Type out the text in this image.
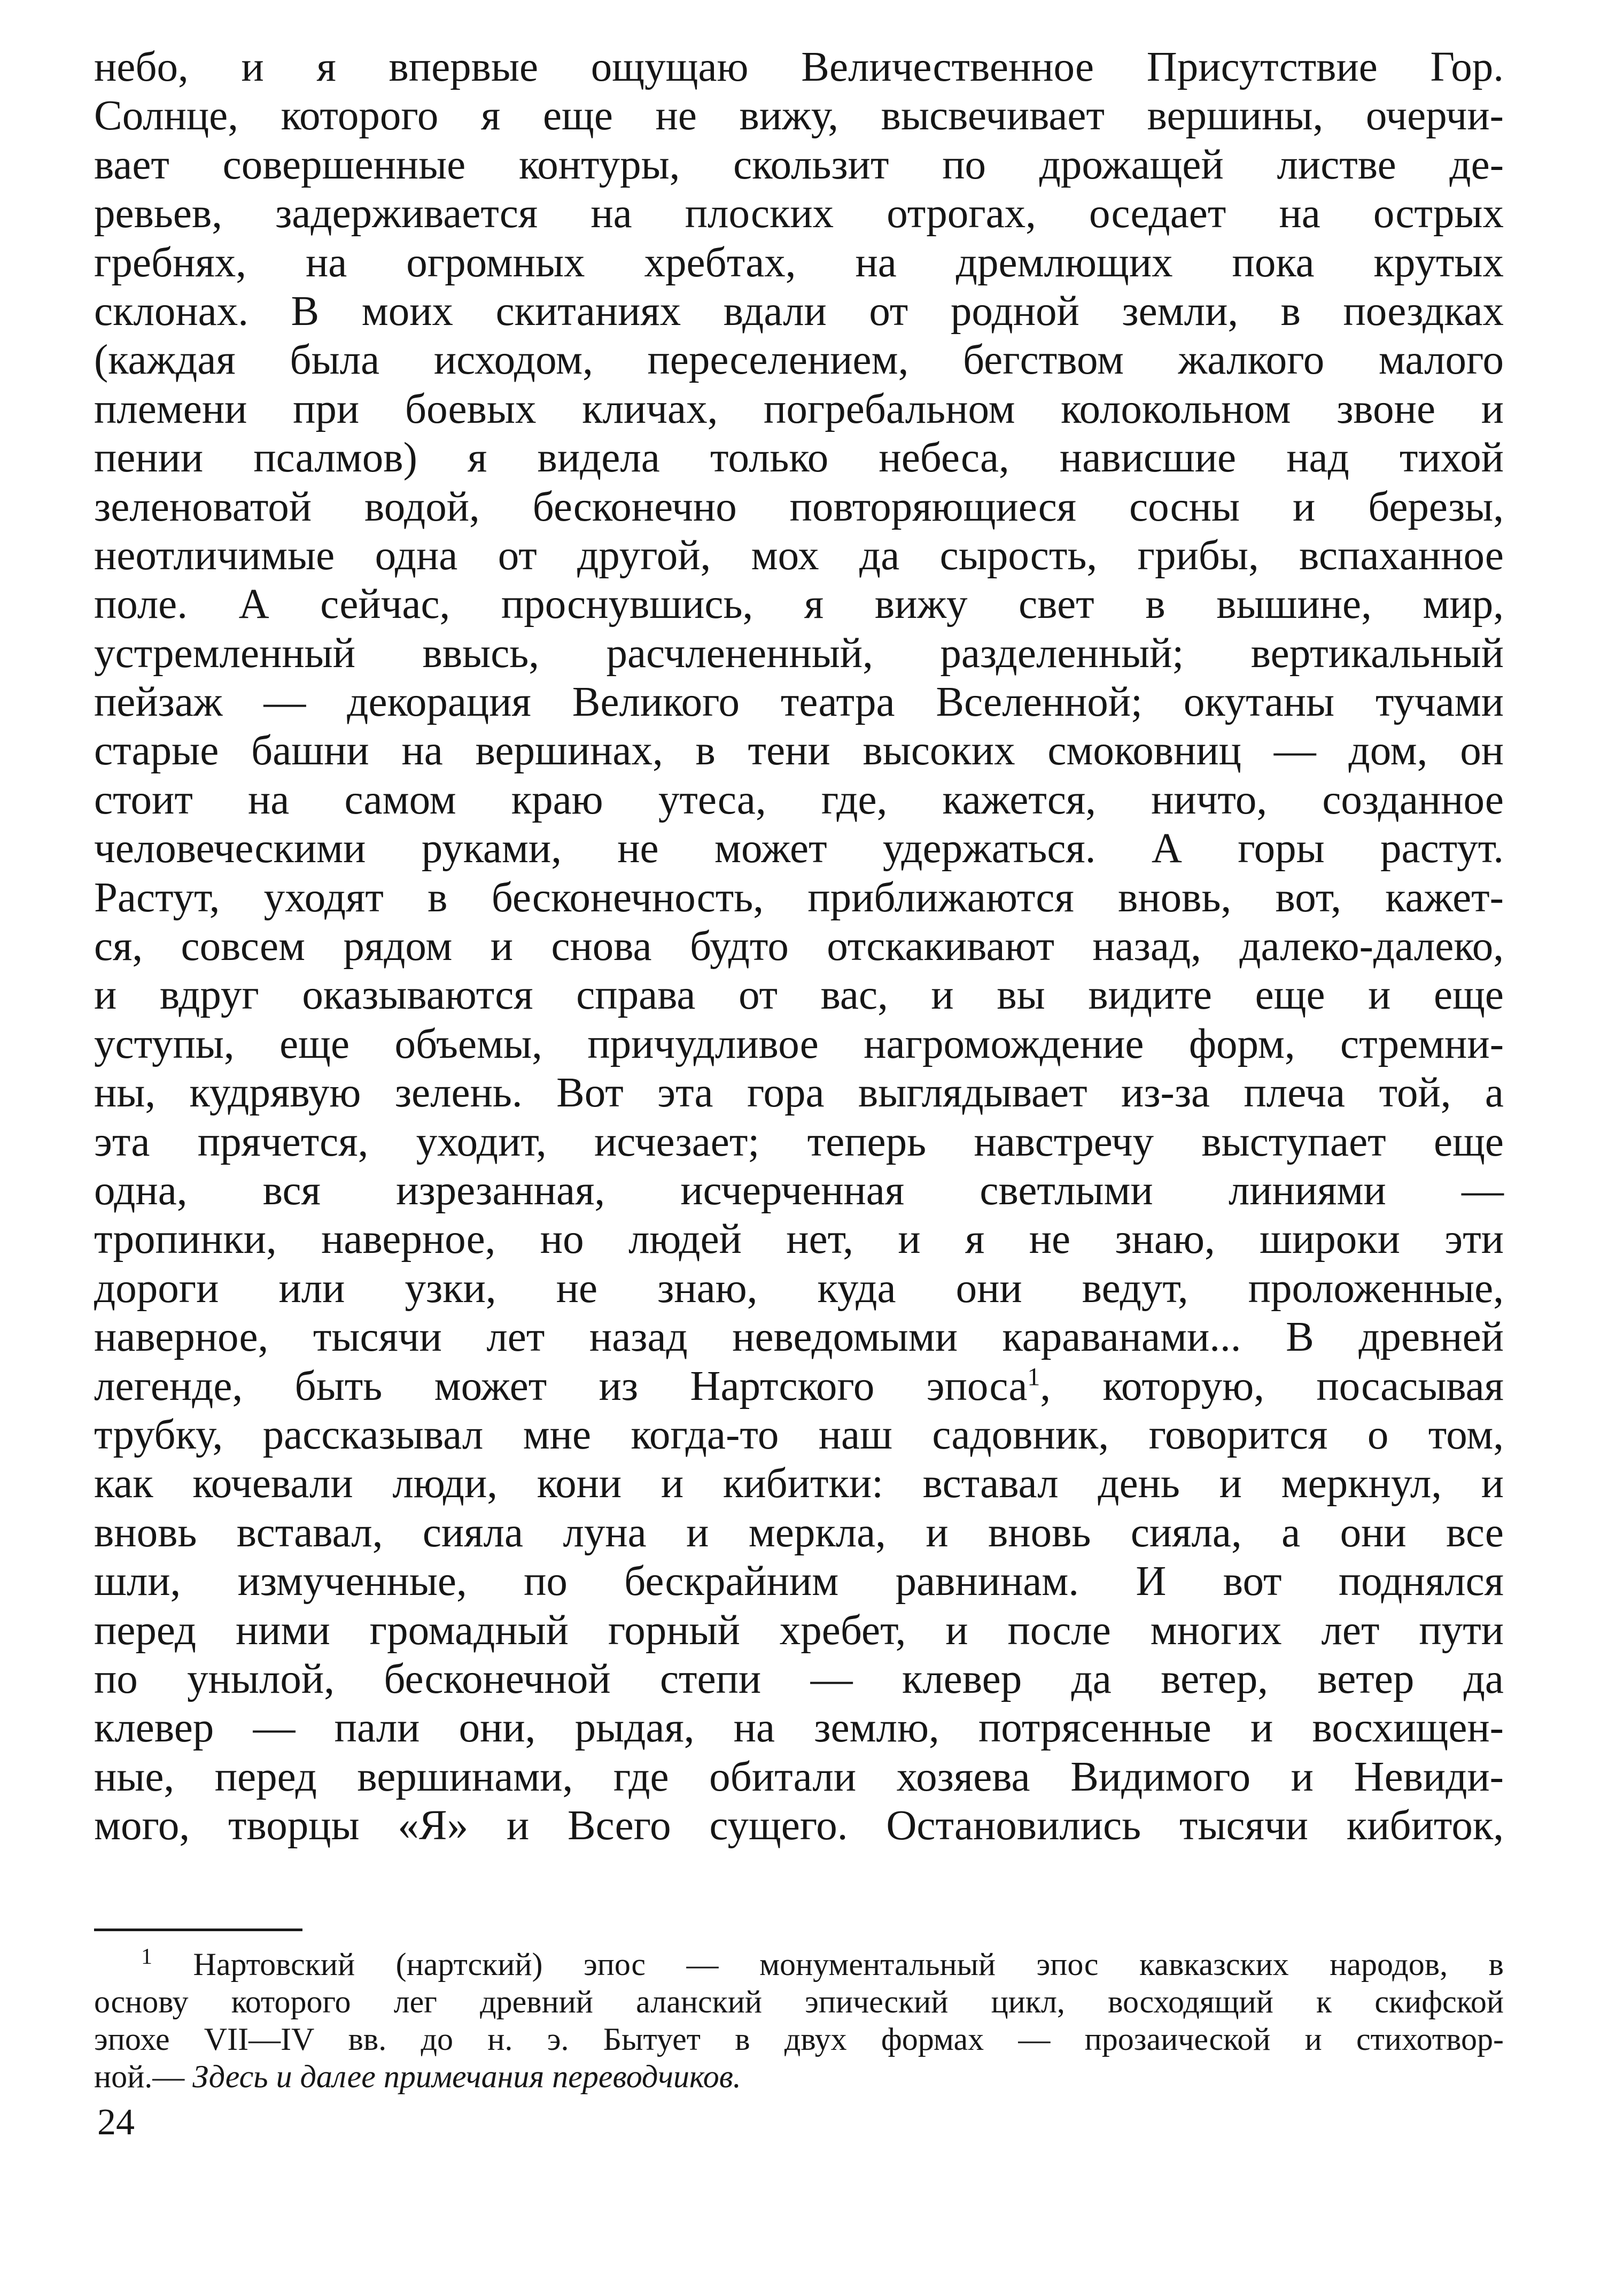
небо, и я впервые ощущаю Величественное Присутствие Гор.
Солнце, которого я еще не вижу, высвечивает вершины, очерчи-
вает совершенные контуры, скользит по дрожащей листве де-
ревьев, задерживается на плоских отрогах, оседает на острых
гребнях, на огромных хребтах, на дремлющих пока крутых
склонах. В моих скитаниях вдали от родной земли, в поездках
(каждая была исходом, переселением, бегством жалкого малого
племени при боевых кличах, погребальном колокольном звоне и
пении псалмов) я видела только небеса, нависшие над тихой
зеленоватой водой, бесконечно повторяющиеся сосны и березы,
неотличимые одна от другой, мох да сырость, грибы, вспаханное
поле. А сейчас, проснувшись, я вижу свет в вышине, мир,
устремленный ввысь, расчлененный, разделенный; вертикальный
пейзаж — декорация Великого театра Вселенной; окутаны тучами
старые башни на вершинах, в тени высоких смоковниц — дом, он
стоит на самом краю утеса, где, кажется, ничто, созданное
человеческими руками, не может удержаться. А горы растут.
Растут, уходят в бесконечность, приближаются вновь, вот, кажет-
ся, совсем рядом и снова будто отскакивают назад, далеко-далеко,
и вдруг оказываются справа от вас, и вы видите еще и еще
уступы, еще объемы, причудливое нагромождение форм, стремни-
ны, кудрявую зелень. Вот эта гора выглядывает из-за плеча той, а
эта прячется, уходит, исчезает; теперь навстречу выступает еще
одна, вся изрезанная, исчерченная светлыми линиями —
тропинки, наверное, но людей нет, и я не знаю, широки эти
дороги или узки, не знаю, куда они ведут, проложенные,
наверное, тысячи лет назад неведомыми караванами... В древней
легенде, быть может из Нартского эпоса$^1$, которую, посасывая
трубку, рассказывал мне когда-то наш садовник, говорится о том,
как кочевали люди, кони и кибитки: вставал день и меркнул, и
вновь вставал, сияла луна и меркла, и вновь сияла, а они все
шли, измученные, по бескрайним равнинам. И вот поднялся
перед ними громадный горный хребет, и после многих лет пути
по унылой, бесконечной степи — клевер да ветер, ветер да
клевер — пали они, рыдая, на землю, потрясенные и восхищен-
ные, перед вершинами, где обитали хозяева Видимого и Невиди-
мого, творцы «Я» и Всего сущего. Остановились тысячи кибиток,
$^1$ Нартовский (нартский) эпос — монументальный эпос кавказских народов, в
основу которого лег древний аланский эпический цикл, восходящий к скифской
эпохе VII—IV вв. до н. э. Бытует в двух формах — прозаической и стихотвор-
ной.— Здесь и далее примечания переводчиков.
24
